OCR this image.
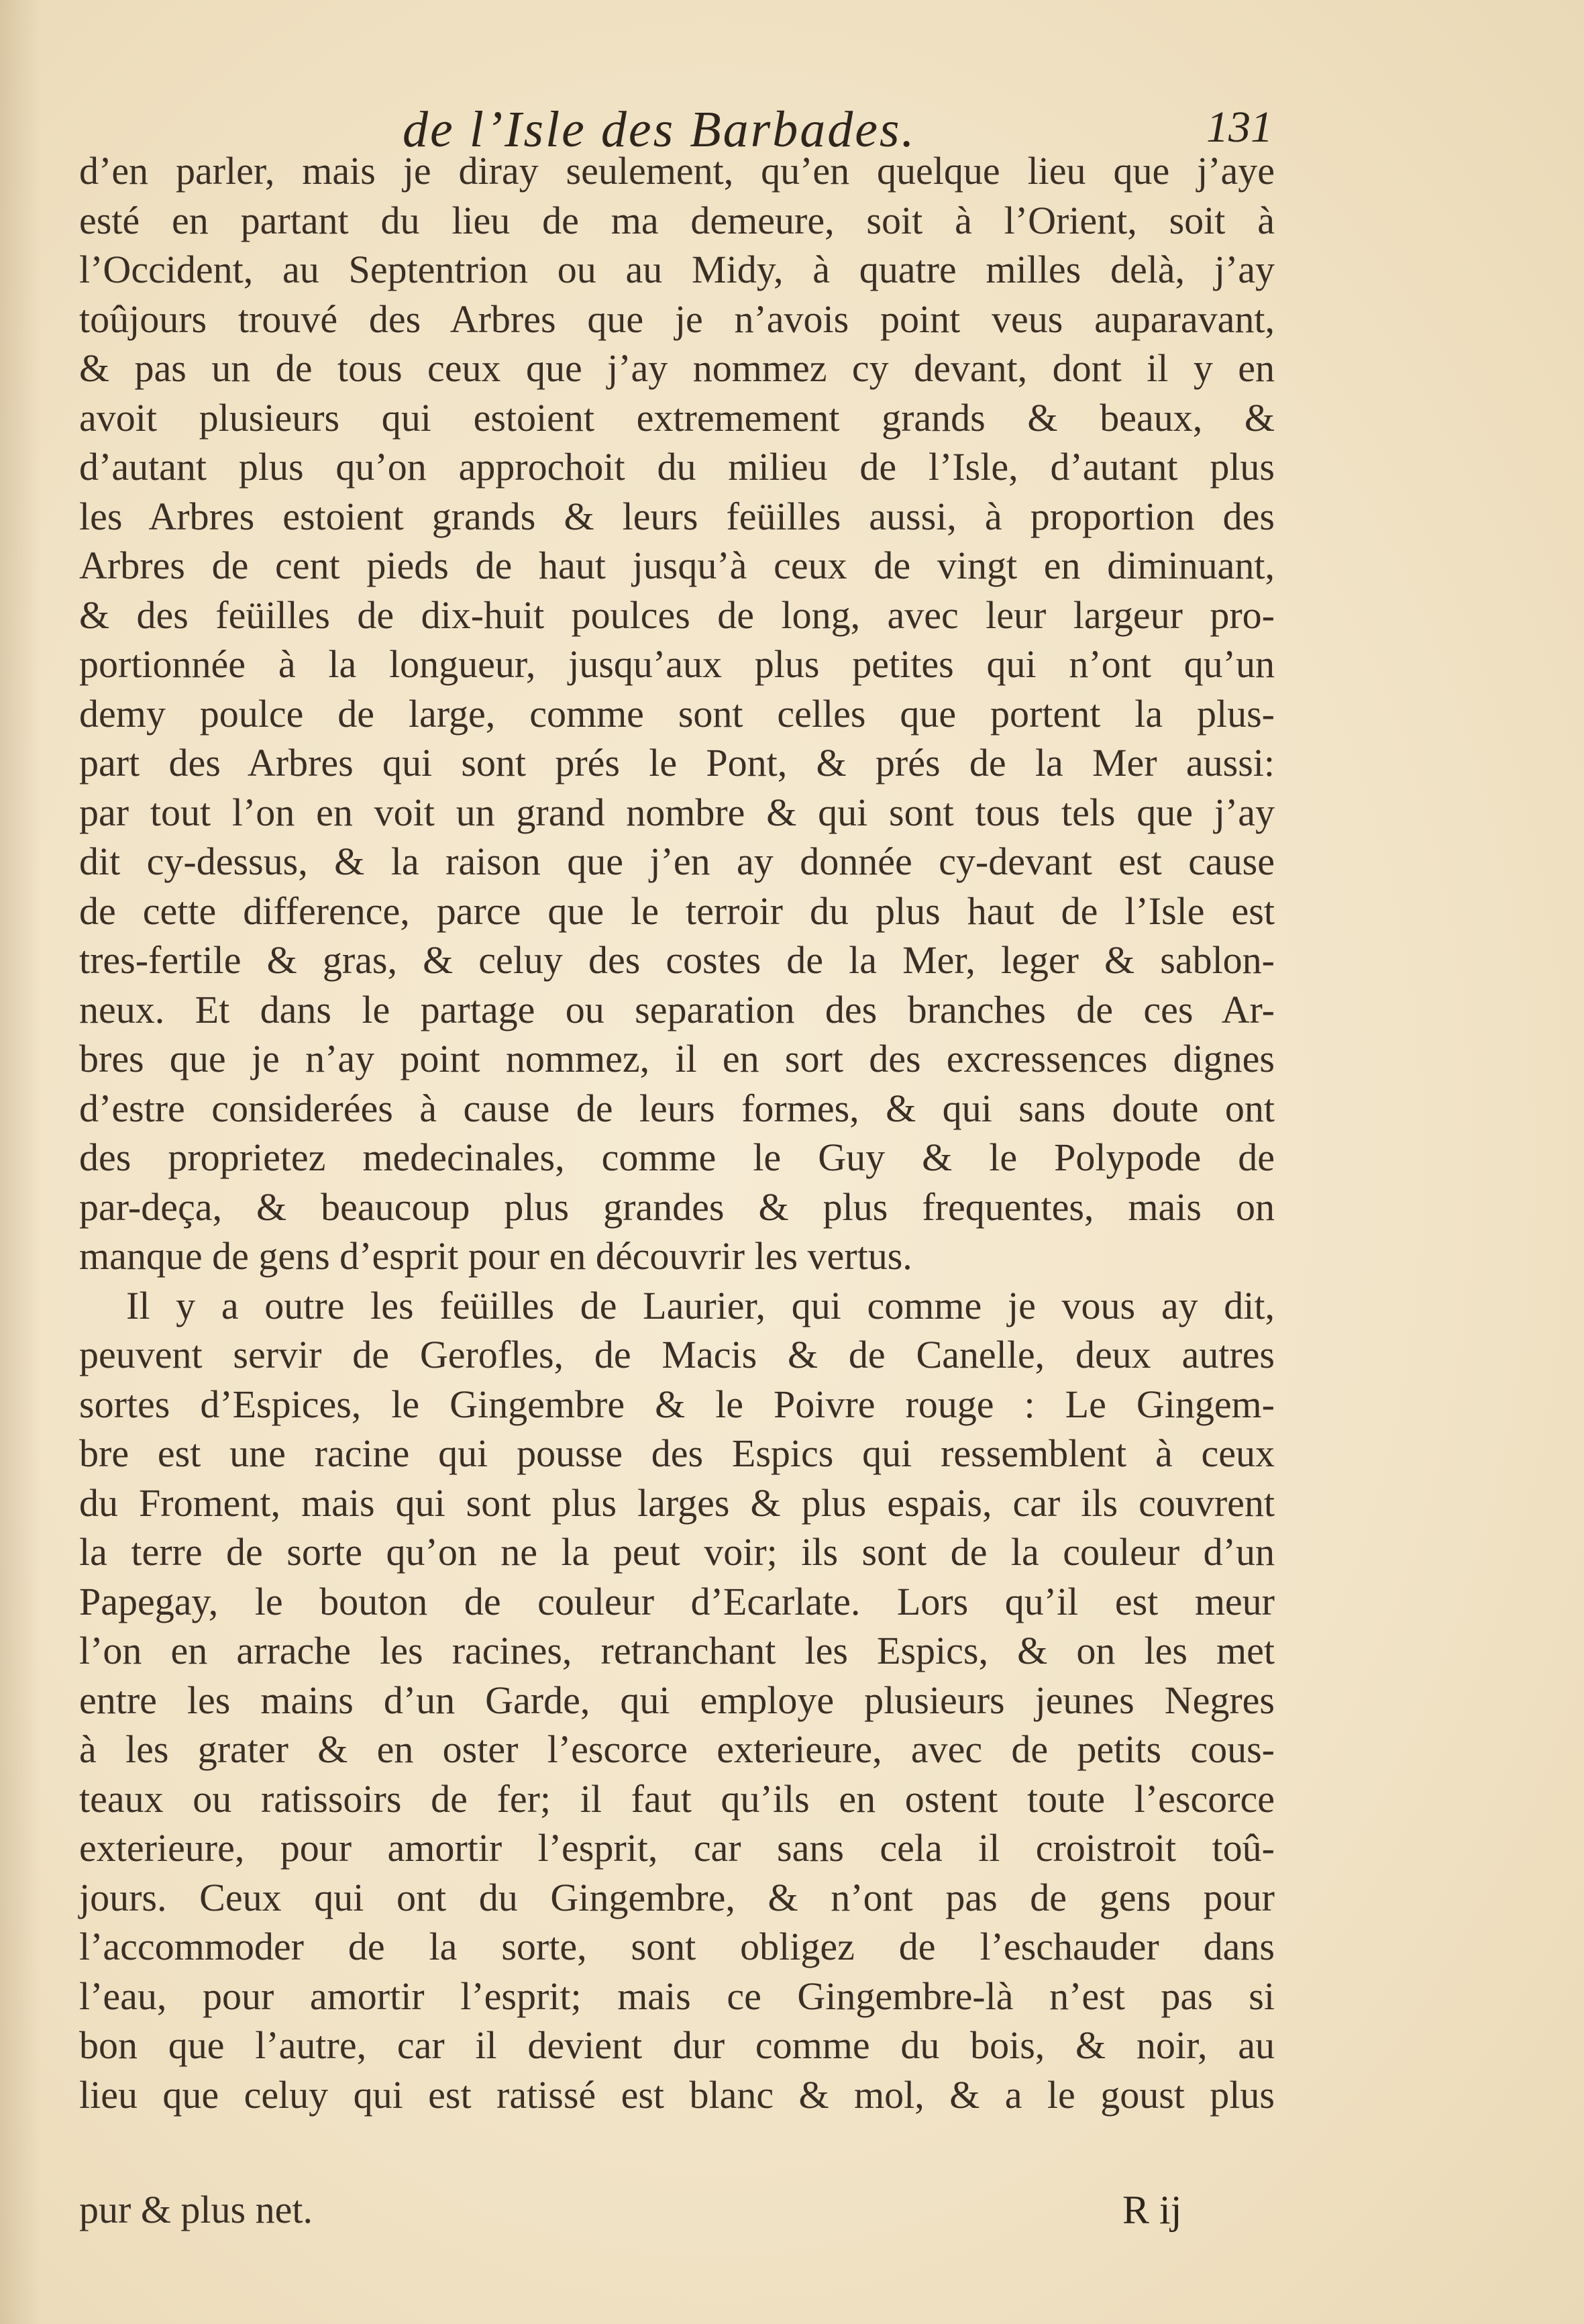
de l’Isle des Barbades.	131
d’en parler, mais je diray seulement, qu’en quelque lieu que j’aye
esté en partant du lieu de ma demeure, soit à l’Orient, soit à
l’Occident, au Septentrion ou au Midy, à quatre milles delà, j’ay
toûjours trouvé des Arbres que je n’avois point veus auparavant,
& pas un de tous ceux que j’ay nommez cy devant, dont il y en
avoit plusieurs qui estoient extremement grands & beaux, &
d’autant plus qu’on approchoit du milieu de l’Isle, d’autant plus
les Arbres estoient grands & leurs feüilles aussi, à proportion des
Arbres de cent pieds de haut jusqu’à ceux de vingt en diminuant,
& des feüilles de dix-huit poulces de long, avec leur largeur pro-
portionnée à la longueur, jusqu’aux plus petites qui n’ont qu’un
demy poulce de large, comme sont celles que portent la plus-
part des Arbres qui sont prés le Pont, & prés de la Mer aussi:
par tout l’on en voit un grand nombre & qui sont tous tels que j’ay
dit cy-dessus, & la raison que j’en ay donnée cy-devant est cause
de cette difference, parce que le terroir du plus haut de l’Isle est
tres-fertile & gras, & celuy des costes de la Mer, leger & sablon-
neux. Et dans le partage ou separation des branches de ces Ar-
bres que je n’ay point nommez, il en sort des excressences dignes
d’estre considerées à cause de leurs formes, & qui sans doute ont
des proprietez medecinales, comme le Guy & le Polypode de
par-deça, & beaucoup plus grandes & plus frequentes, mais on
manque de gens d’esprit pour en découvrir les vertus.
Il y a outre les feüilles de Laurier, qui comme je vous ay dit,
peuvent servir de Gerofles, de Macis & de Canelle, deux autres
sortes d’Espices, le Gingembre & le Poivre rouge : Le Gingem-
bre est une racine qui pousse des Espics qui ressemblent à ceux
du Froment, mais qui sont plus larges & plus espais, car ils couvrent
la terre de sorte qu’on ne la peut voir; ils sont de la couleur d’un
Papegay, le bouton de couleur d’Ecarlate. Lors qu’il est meur
l’on en arrache les racines, retranchant les Espics, & on les met
entre les mains d’un Garde, qui employe plusieurs jeunes Negres
à les grater & en oster l’escorce exterieure, avec de petits cous-
teaux ou ratissoirs de fer; il faut qu’ils en ostent toute l’escorce
exterieure, pour amortir l’esprit, car sans cela il croistroit toû-
jours. Ceux qui ont du Gingembre, & n’ont pas de gens pour
l’accommoder de la sorte, sont obligez de l’eschauder dans
l’eau, pour amortir l’esprit; mais ce Gingembre-là n’est pas si
bon que l’autre, car il devient dur comme du bois, & noir, au
lieu que celuy qui est ratissé est blanc & mol, & a le goust plus
pur & plus net.	R ij
